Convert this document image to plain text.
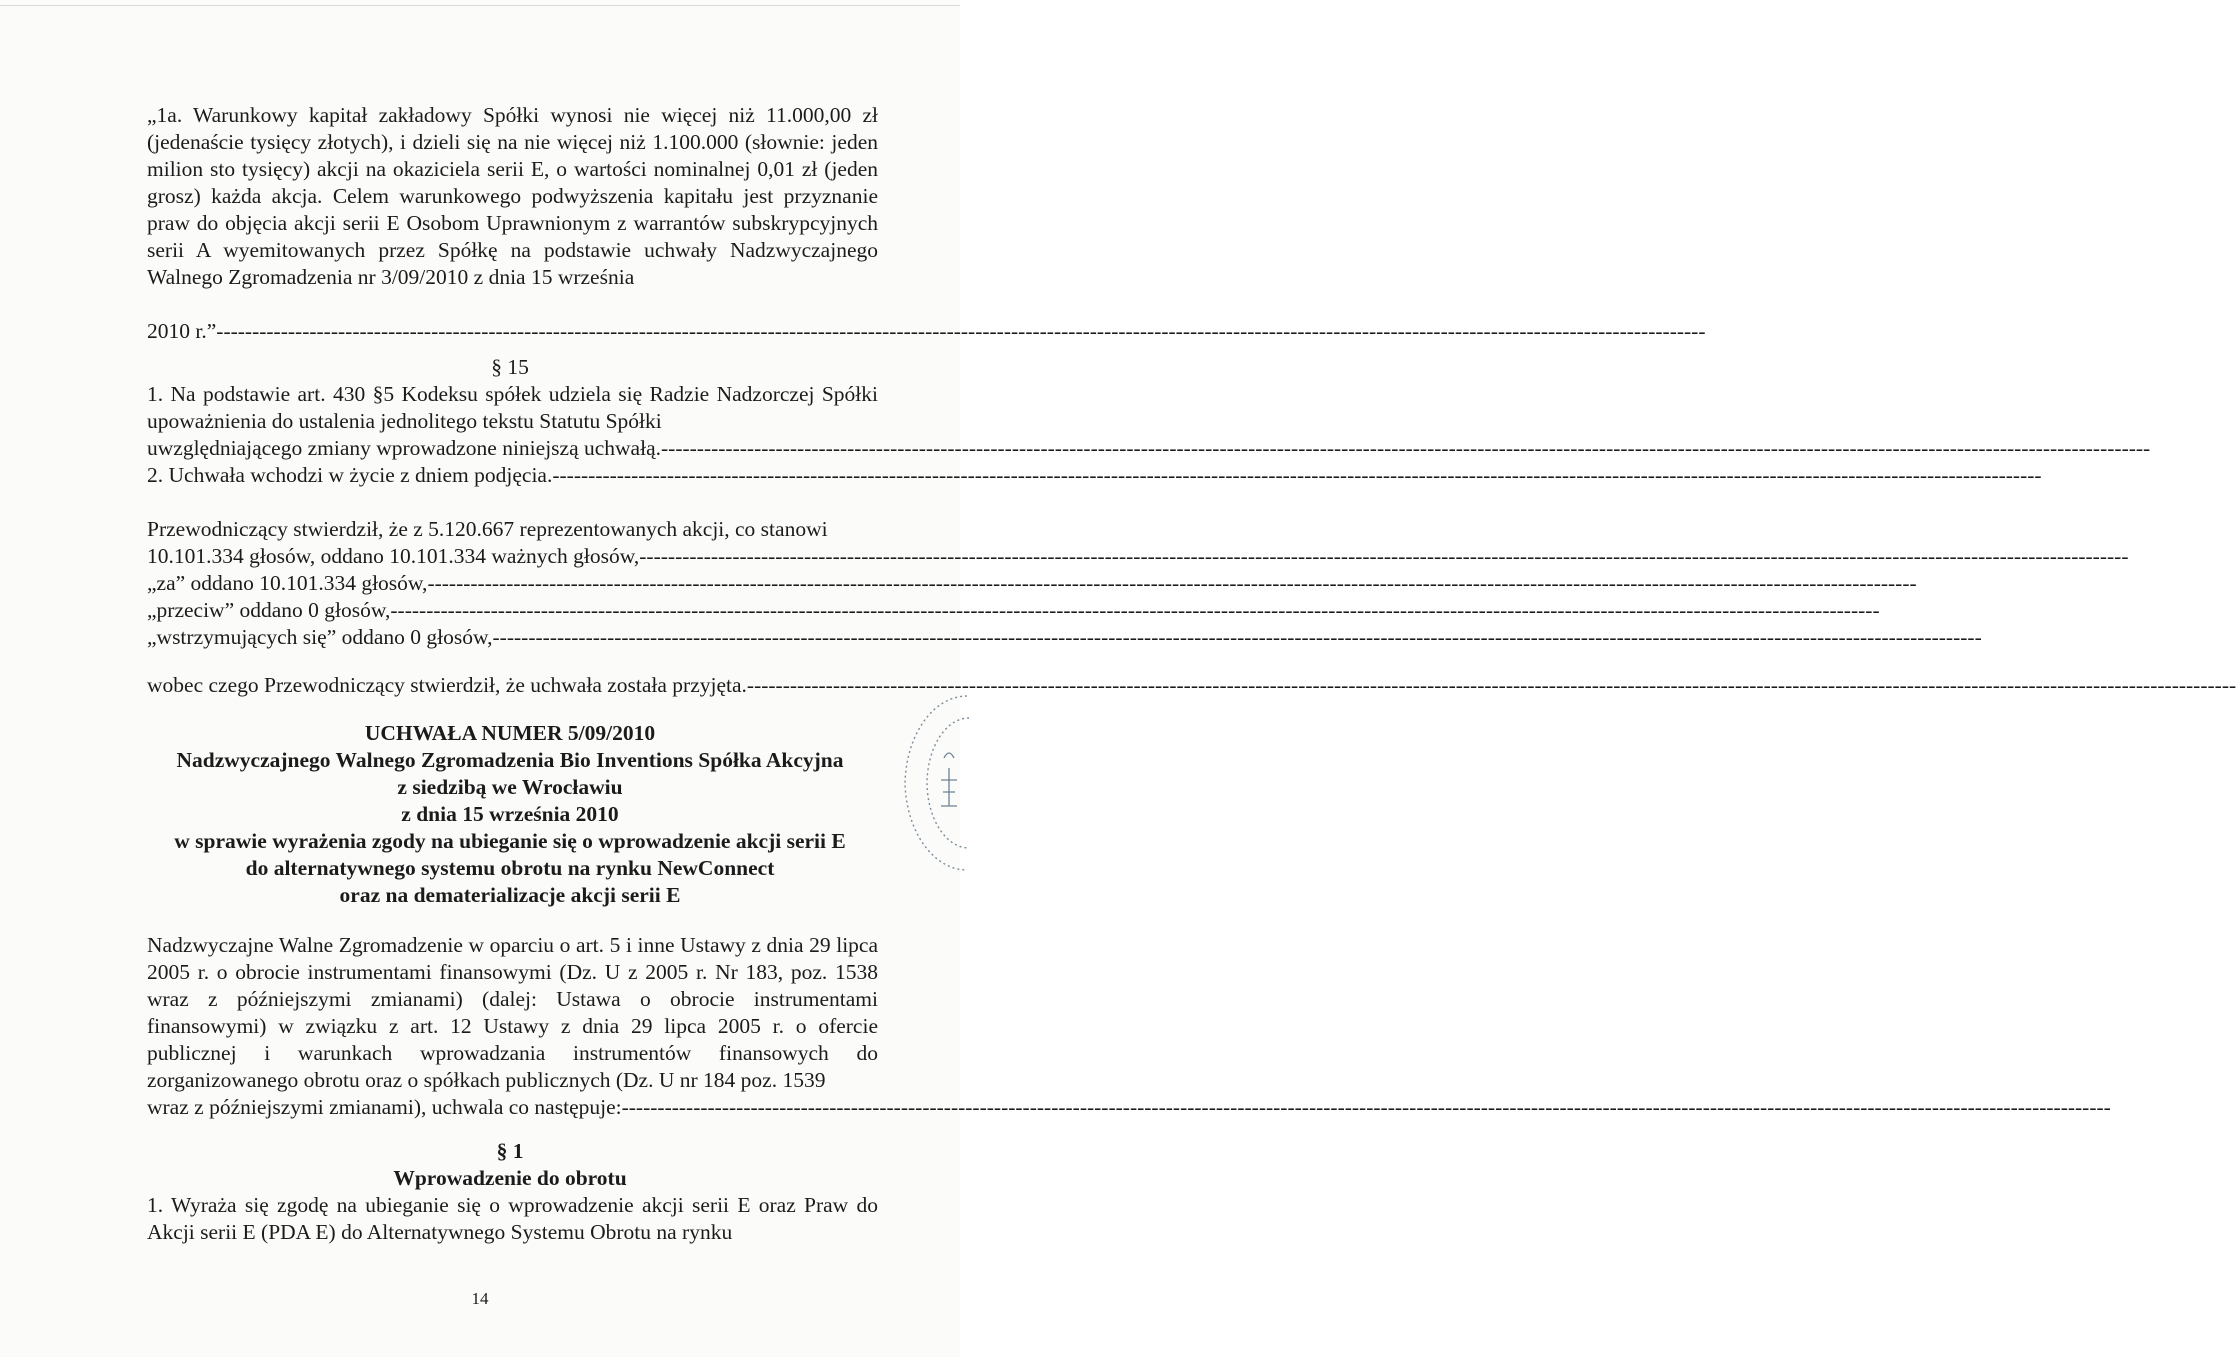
„1a. Warunkowy kapitał zakładowy Spółki wynosi nie więcej niż 11.000,00 zł (jedenaście tysięcy złotych), i dzieli się na nie więcej niż 1.100.000 (słownie: jeden milion sto tysięcy) akcji na okaziciela serii E, o wartości nominalnej 0,01 zł (jeden grosz) każda akcja. Celem warunkowego podwyższenia kapitału jest przyznanie praw do objęcia akcji serii E Osobom Uprawnionym z warrantów subskrypcyjnych serii A wyemitowanych przez Spółkę na podstawie uchwały Nadzwyczajnego Walnego Zgromadzenia nr 3/09/2010 z dnia 15 września

2010 r.” ----------------------------------------------------------------------------------------------------------------------------------------------------------------------------------------------------------------
§ 15

1. Na podstawie art. 430 §5 Kodeksu spółek udziela się Radzie Nadzorczej Spółki upoważnienia do ustalenia jednolitego tekstu Statutu Spółki

uwzględniającego zmiany wprowadzone niniejszą uchwałą. ----------------------------------------------------------------------------------------------------------------------------------------------------------------------------------------------------------------
2. Uchwała wchodzi w życie z dniem podjęcia. ----------------------------------------------------------------------------------------------------------------------------------------------------------------------------------------------------------------
Przewodniczący stwierdził, że z 5.120.667 reprezentowanych akcji, co stanowi
10.101.334 głosów, oddano 10.101.334 ważnych głosów, ----------------------------------------------------------------------------------------------------------------------------------------------------------------------------------------------------------------
„za” oddano 10.101.334 głosów, ----------------------------------------------------------------------------------------------------------------------------------------------------------------------------------------------------------------
„przeciw” oddano 0 głosów, ----------------------------------------------------------------------------------------------------------------------------------------------------------------------------------------------------------------
„wstrzymujących się” oddano 0 głosów, ----------------------------------------------------------------------------------------------------------------------------------------------------------------------------------------------------------------
wobec czego Przewodniczący stwierdził, że uchwała została przyjęta. ----------------------------------------------------------------------------------------------------------------------------------------------------------------------------------------------------------------
UCHWAŁA NUMER 5/09/2010
Nadzwyczajnego Walnego Zgromadzenia Bio Inventions Spółka Akcyjna
z siedzibą we Wrocławiu
z dnia 15 września 2010
w sprawie wyrażenia zgody na ubieganie się o wprowadzenie akcji serii E
do alternatywnego systemu obrotu na rynku NewConnect
oraz na dematerializacje akcji serii E

Nadzwyczajne Walne Zgromadzenie w oparciu o art. 5 i inne Ustawy z dnia 29 lipca 2005 r. o obrocie instrumentami finansowymi (Dz. U z 2005 r. Nr 183, poz. 1538 wraz z późniejszymi zmianami) (dalej: Ustawa o obrocie instrumentami finansowymi) w związku z art. 12 Ustawy z dnia 29 lipca 2005 r. o ofercie publicznej i warunkach wprowadzania instrumentów finansowych do zorganizowanego obrotu oraz o spółkach publicznych (Dz. U nr 184 poz. 1539

wraz z późniejszymi zmianami), uchwala co następuje: ----------------------------------------------------------------------------------------------------------------------------------------------------------------------------------------------------------------
§ 1
Wprowadzenie do obrotu

1. Wyraża się zgodę na ubieganie się o wprowadzenie akcji serii E oraz Praw do Akcji serii E (PDA E) do Alternatywnego Systemu Obrotu na rynku

14
